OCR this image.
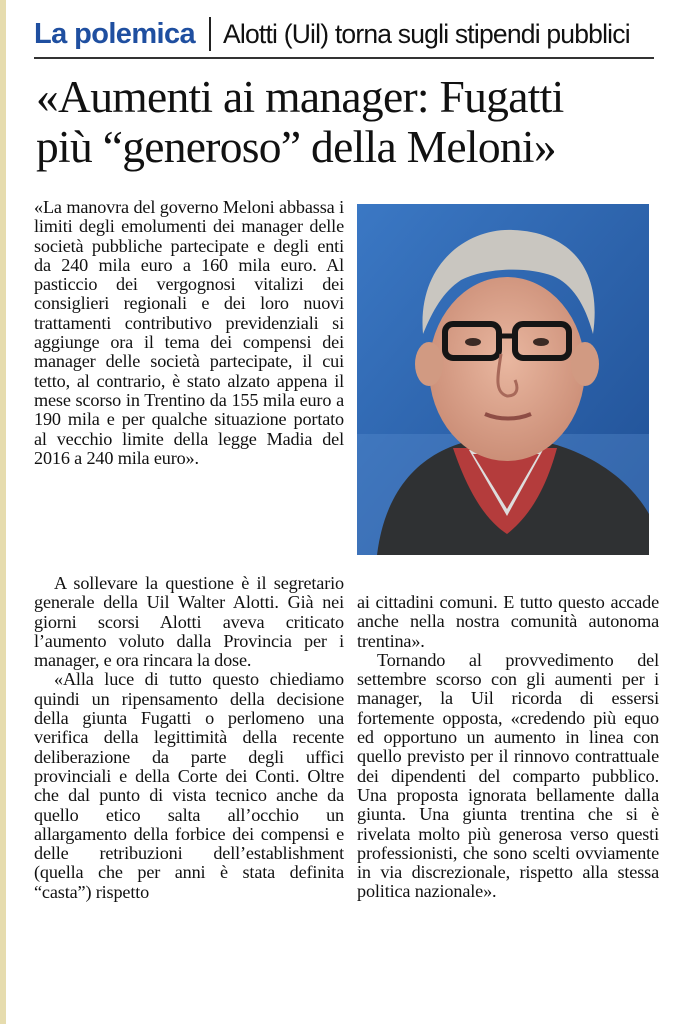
La polemica Alotti (Uil) torna sugli stipendi pubblici
«Aumenti ai manager: Fugatti
più “generoso” della Meloni»

«La manovra del governo Meloni abbassa i limiti degli emolumenti dei manager delle società pubbliche partecipate e degli enti da 240 mila euro a 160 mila euro. Al pasticcio dei vergognosi vitalizi dei consiglieri regionali e dei loro nuovi trattamenti contributivo previdenziali si aggiunge ora il tema dei compensi dei manager delle società partecipate, il cui tetto, al contrario, è stato alzato appena il mese scorso in Trentino da 155 mila euro a 190 mila e per qualche situazione portato al vecchio limite della legge Madia del 2016 a 240 mila euro».

A sollevare la questione è il segretario generale della Uil Walter Alotti. Già nei giorni scorsi Alotti aveva criticato l’aumento voluto dalla Provincia per i manager, e ora rincara la dose.

«Alla luce di tutto questo chiediamo quindi un ripensamento della decisione della giunta Fugatti o perlomeno una verifica della legittimità della recente deliberazione da parte degli uffici provinciali e della Corte dei Conti. Oltre che dal punto di vista tecnico anche da quello etico salta all’occhio un allargamento della forbice dei compensi e delle retribuzioni dell’establishment (quella che per anni è stata definita “casta”) rispetto

ai cittadini comuni. E tutto questo accade anche nella nostra comunità autonoma trentina».

Tornando al provvedimento del settembre scorso con gli aumenti per i manager, la Uil ricorda di essersi fortemente opposta, «credendo più equo ed opportuno un aumento in linea con quello previsto per il rinnovo contrattuale dei dipendenti del comparto pubblico. Una proposta ignorata bellamente dalla giunta. Una giunta trentina che si è rivelata molto più generosa verso questi professionisti, che sono scelti ovviamente in via discrezionale, rispetto alla stessa politica nazionale».
